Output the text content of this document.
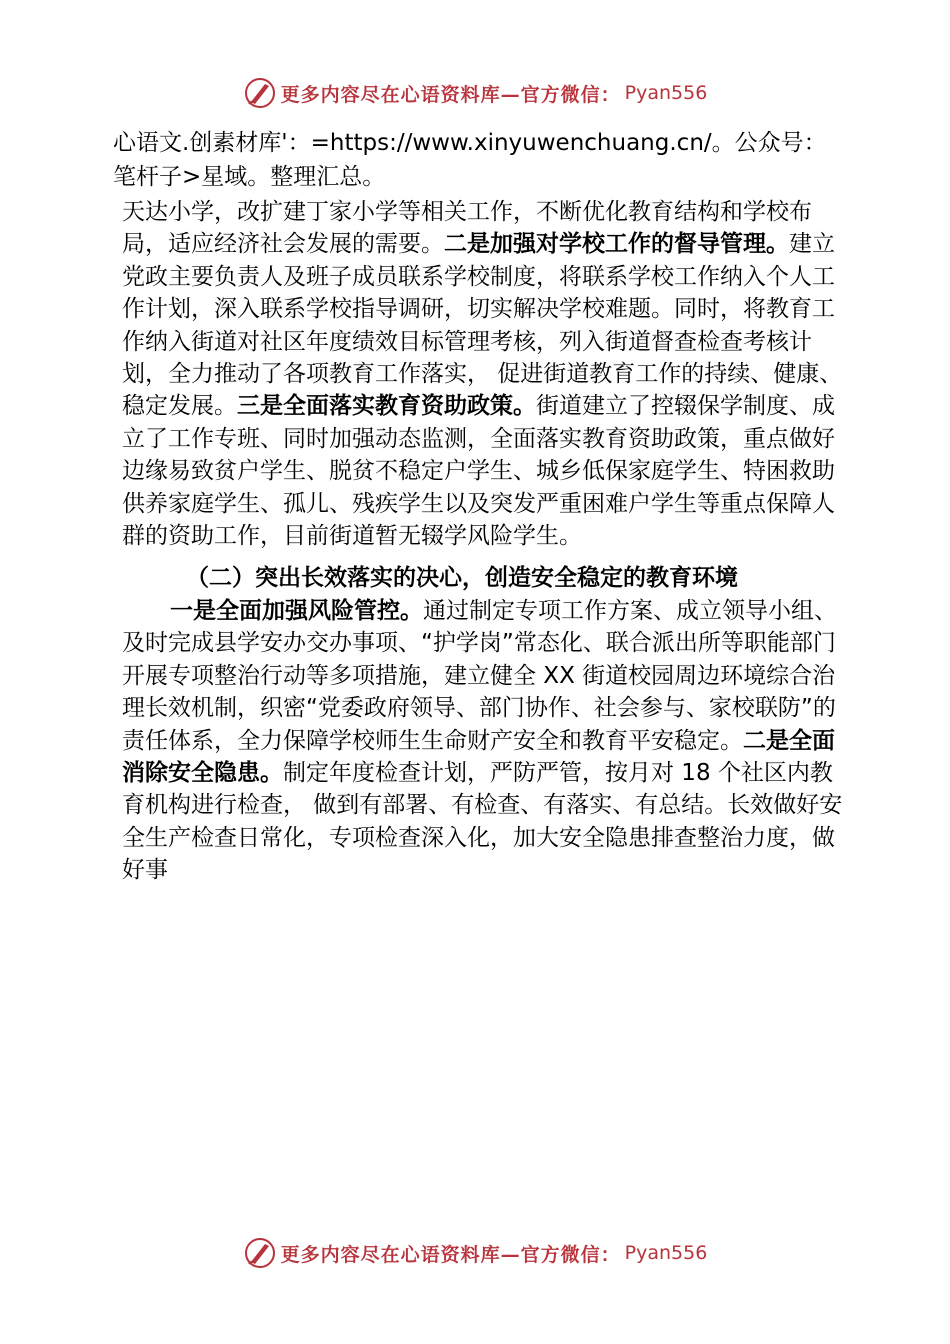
更多内容尽在心语资料库—官方微信： Pyan556
心语文.创素材库'：=https://www.xinyuwenchuang.cn/。公众号：
笔杆子>星域。整理汇总。

天达小学，改扩建丁家小学等相关工作，不断优化教育结构和学校布局，适应经济社会发展的需要。二是加强对学校工作的督导管理。建立党政主要负责人及班子成员联系学校制度，将联系学校工作纳入个人工作计划，深入联系学校指导调研，切实解决学校难题。同时，将教育工作纳入街道对社区年度绩效目标管理考核，列入街道督查检查考核计划，全力推动了各项教育工作落实， 促进街道教育工作的持续、健康、稳定发展。三是全面落实教育资助政策。街道建立了控辍保学制度、成立了工作专班、同时加强动态监测，全面落实教育资助政策，重点做好边缘易致贫户学生、脱贫不稳定户学生、城乡低保家庭学生、特困救助供养家庭学生、孤儿、残疾学生以及突发严重困难户学生等重点保障人群的资助工作，目前街道暂无辍学风险学生。

（二）突出长效落实的决心，创造安全稳定的教育环境

一是全面加强风险管控。通过制定专项工作方案、成立领导小组、及时完成县学安办交办事项、“护学岗”常态化、联合派出所等职能部门开展专项整治行动等多项措施，建立健全 XX 街道校园周边环境综合治理长效机制，织密“党委政府领导、部门协作、社会参与、家校联防”的责任体系，全力保障学校师生生命财产安全和教育平安稳定。二是全面消除安全隐患。制定年度检查计划，严防严管，按月对 18 个社区内教育机构进行检查， 做到有部署、有检查、有落实、有总结。长效做好安全生产检查日常化，专项检查深入化，加大安全隐患排查整治力度，做好事

更多内容尽在心语资料库—官方微信： Pyan556
